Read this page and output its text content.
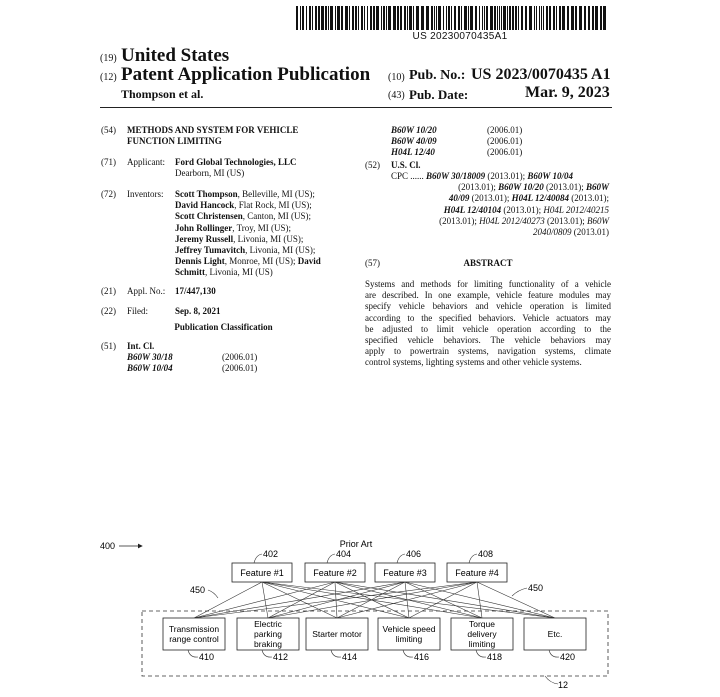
US 20230070435A1
(19) United States
(12) Patent Application Publication
Thompson et al.
(10) Pub. No.: US 2023/0070435 A1
(43) Pub. Date:	Mar. 9, 2023
(54) METHODS AND SYSTEM FOR VEHICLE
FUNCTION LIMITING
(71) Applicant: Ford Global Technologies, LLC
Dearborn, MI (US)
(72) Inventors: Scott Thompson, Belleville, MI (US);
David Hancock, Flat Rock, MI (US);
Scott Christensen, Canton, MI (US);
John Rollinger, Troy, MI (US);
Jeremy Russell, Livonia, MI (US);
Jeffrey Tumavitch, Livonia, MI (US);
Dennis Light, Monroe, MI (US); David
Schmitt, Livonia, MI (US)
(21) Appl. No.: 17/447,130
(22) Filed:	Sep. 8, 2021
Publication Classification
(51) Int. Cl.
B60W 30/18	(2006.01)
B60W 10/04	(2006.01)
B60W 10/20	(2006.01)
B60W 40/09	(2006.01)
H04L 12/40	(2006.01)
(52) U.S. Cl.
CPC ...... B60W 30/18009 (2013.01); B60W 10/04
(2013.01); B60W 10/20 (2013.01); B60W
40/09 (2013.01); H04L 12/40084 (2013.01);
H04L 12/40104 (2013.01); H04L 2012/40215
(2013.01); H04L 2012/40273 (2013.01); B60W
2040/0809 (2013.01)
(57)	ABSTRACT
Systems and methods for limiting functionality of a vehicle
are described. In one example, vehicle feature modules may
specify vehicle behaviors and vehicle operation is limited
according to the specified behaviors. Vehicle actuators may
be adjusted to limit vehicle operation according to the
specified vehicle behaviors. The vehicle behaviors may
apply to powertrain systems, navigation systems, climate
control systems, lighting systems and other vehicle systems.
400	Prior Art
Feature #1
402
Feature #2
404
Feature #3
406
Feature #4
408
Transmission
range control
410
Electric
parking
braking
412
Starter motor
414
Vehicle speed
limiting
416
Torque
delivery
limiting
418
Etc.
420
450	450
12
